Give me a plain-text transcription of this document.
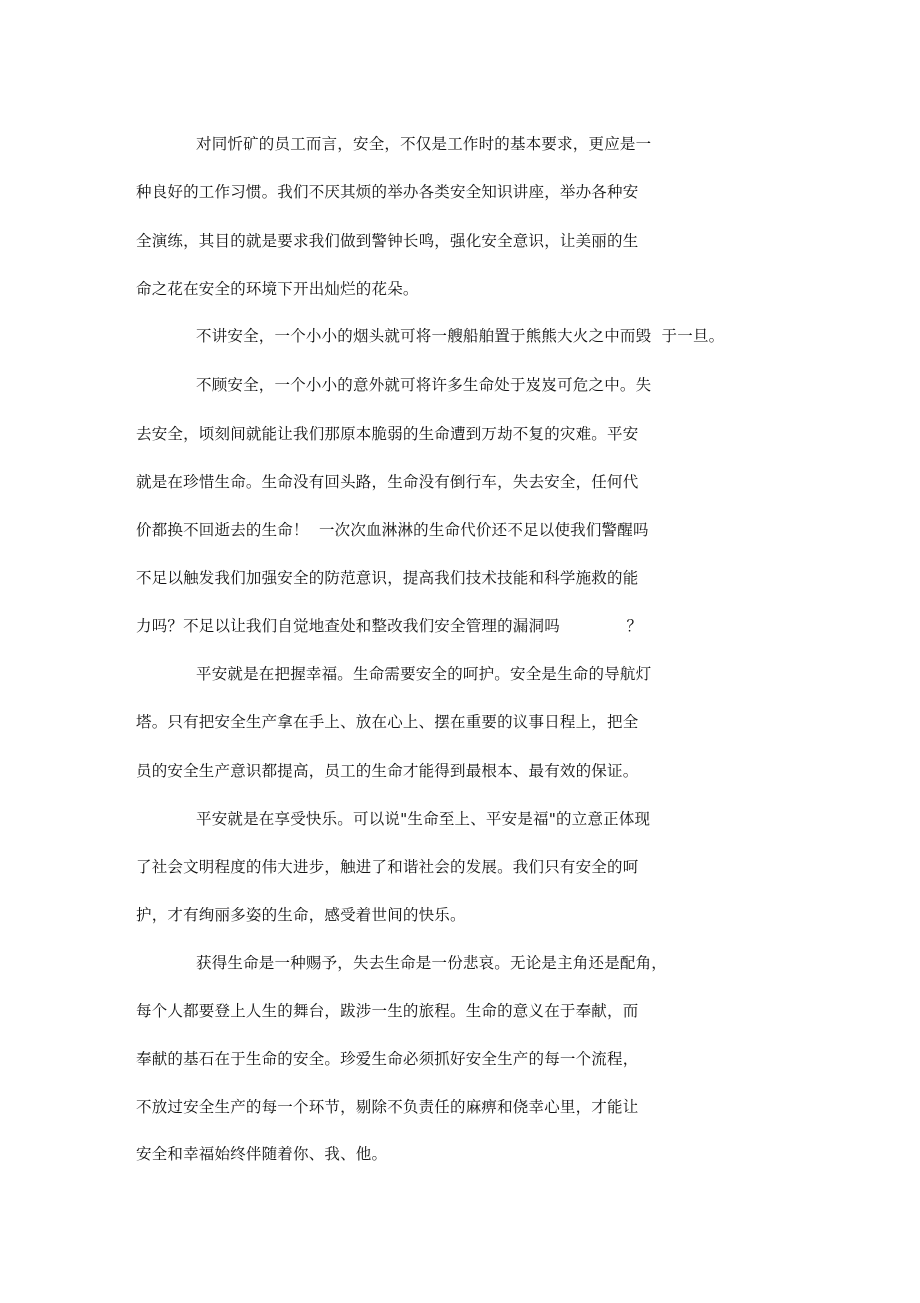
对同忻矿的员工而言，安全，不仅是工作时的基本要求，更应是一
种良好的工作习惯。我们不厌其烦的举办各类安全知识讲座，举办各种安
全演练，其目的就是要求我们做到警钟长鸣，强化安全意识，让美丽的生
命之花在安全的环境下开出灿烂的花朵。
不讲安全，一个小小的烟头就可将一艘船舶置于熊熊大火之中而毁  于一旦。
不顾安全，一个小小的意外就可将许多生命处于岌岌可危之中。失
去安全，顷刻间就能让我们那原本脆弱的生命遭到万劫不复的灾难。平安
就是在珍惜生命。生命没有回头路，生命没有倒行车，失去安全，任何代
价都换不回逝去的生命！  一次次血淋淋的生命代价还不足以使我们警醒吗
不足以触发我们加强安全的防范意识，提高我们技术技能和科学施救的能
力吗？不足以让我们自觉地查处和整改我们安全管理的漏洞吗             ？
平安就是在把握幸福。生命需要安全的呵护。安全是生命的导航灯
塔。只有把安全生产拿在手上、放在心上、摆在重要的议事日程上，把全
员的安全生产意识都提高，员工的生命才能得到最根本、最有效的保证。
平安就是在享受快乐。可以说"生命至上、平安是福"的立意正体现
了社会文明程度的伟大进步，触进了和谐社会的发展。我们只有安全的呵
护，才有绚丽多姿的生命，感受着世间的快乐。
获得生命是一种赐予，失去生命是一份悲哀。无论是主角还是配角，
每个人都要登上人生的舞台，跋涉一生的旅程。生命的意义在于奉献，而
奉献的基石在于生命的安全。珍爱生命必须抓好安全生产的每一个流程，
不放过安全生产的每一个环节，剔除不负责任的麻痹和侥幸心里，才能让
安全和幸福始终伴随着你、我、他。
